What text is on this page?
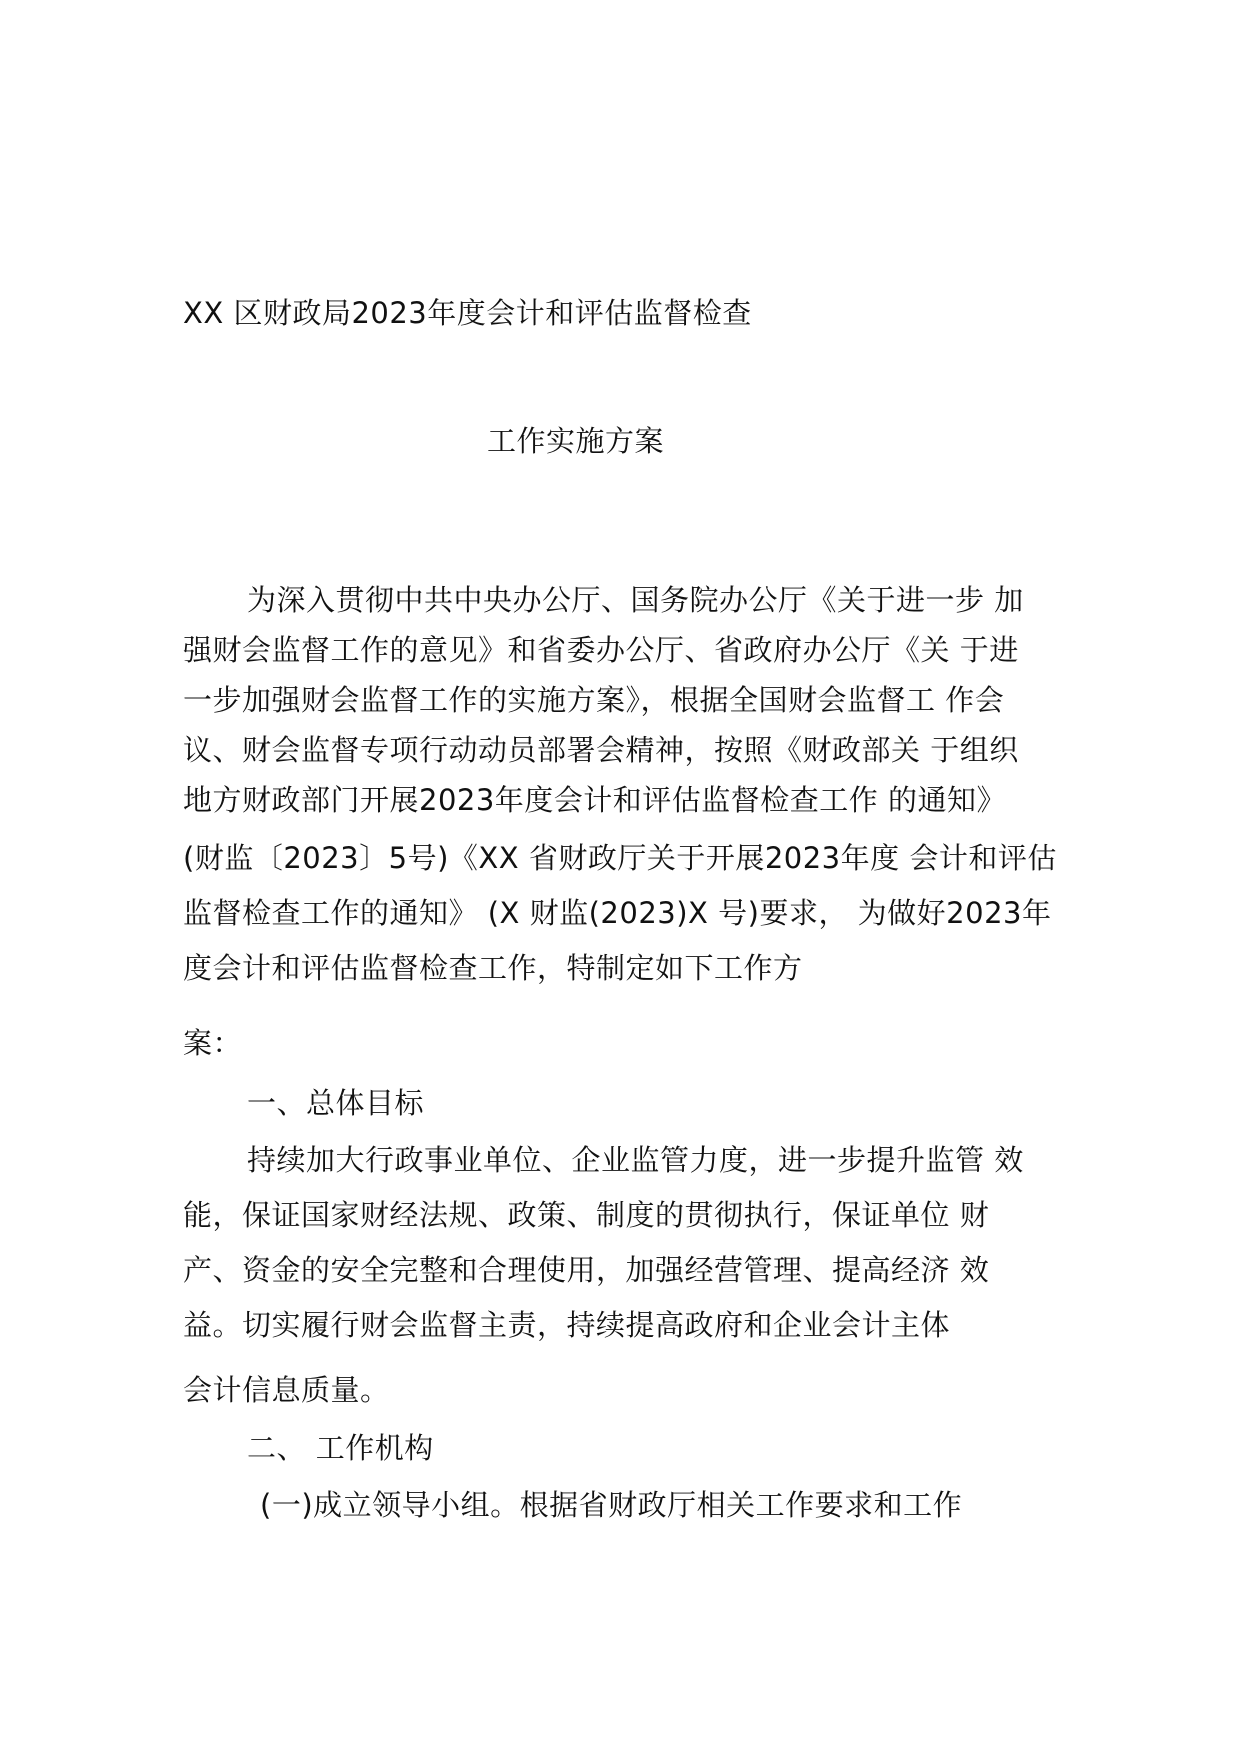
XX 区财政局2023年度会计和评估监督检查
工作实施方案
为深入贯彻中共中央办公厅、国务院办公厅《关于进一步 加
强财会监督工作的意见》和省委办公厅、省政府办公厅《关 于进
一步加强财会监督工作的实施方案》，根据全国财会监督工 作会
议、财会监督专项行动动员部署会精神，按照《财政部关 于组织
地方财政部门开展2023年度会计和评估监督检查工作 的通知》
(财监〔2023〕5号)《XX 省财政厅关于开展2023年度 会计和评估
监督检查工作的通知》 (X 财监(2023)X 号)要求， 为做好2023年
度会计和评估监督检查工作，特制定如下工作方
案：
一、总体目标
持续加大行政事业单位、企业监管力度，进一步提升监管 效
能，保证国家财经法规、政策、制度的贯彻执行，保证单位 财
产、资金的安全完整和合理使用，加强经营管理、提高经济 效
益。切实履行财会监督主责，持续提高政府和企业会计主体
会计信息质量。
二、 工作机构
(一)成立领导小组。根据省财政厅相关工作要求和工作
